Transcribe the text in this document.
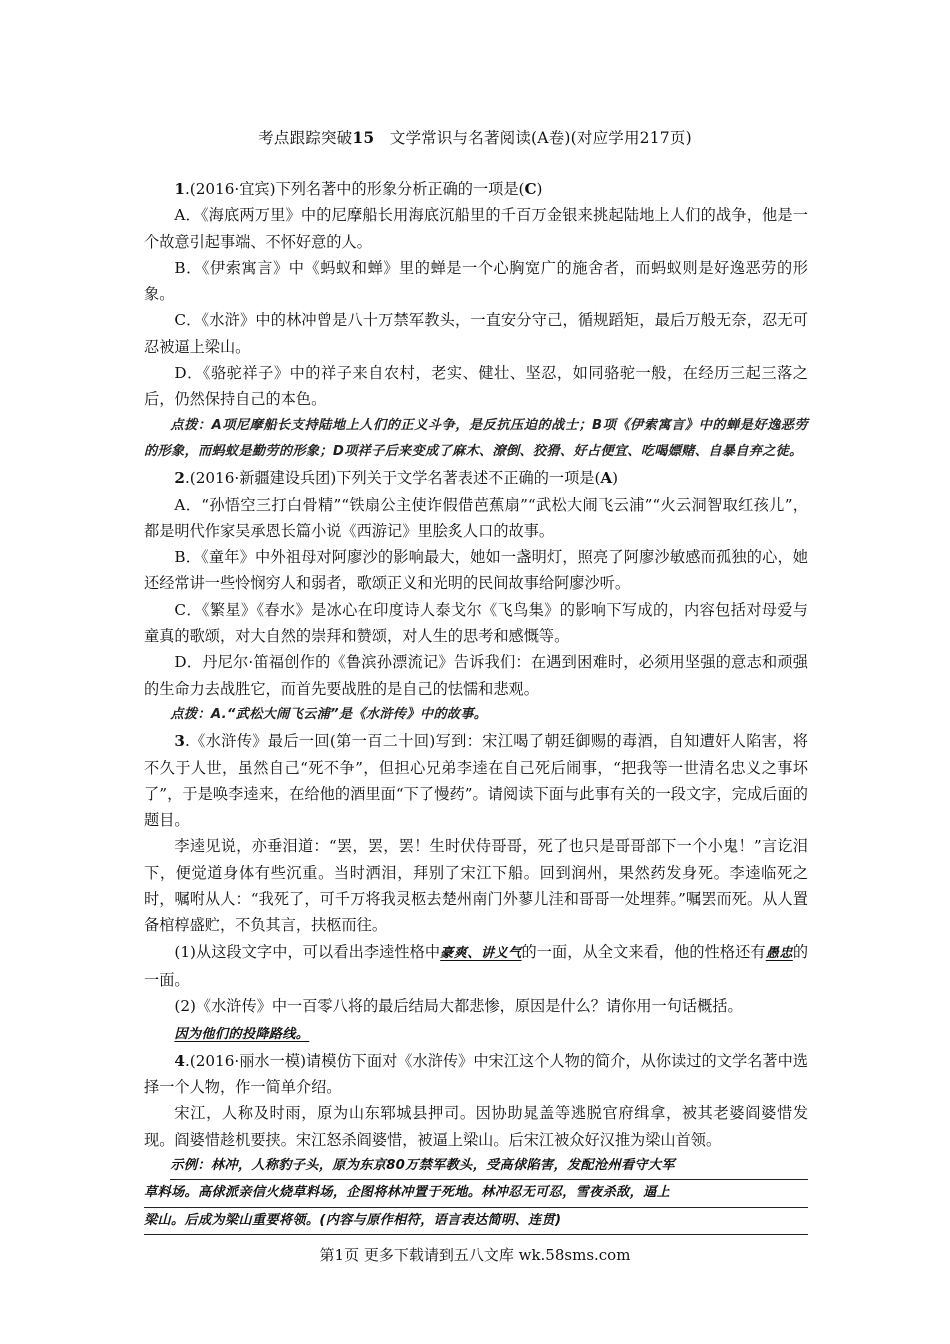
考点跟踪突破15 文学常识与名著阅读(A卷)(对应学用217页)

1.(2016·宜宾)下列名著中的形象分析正确的一项是(C)

A．《海底两万里》中的尼摩船长用海底沉船里的千百万金银来挑起陆地上人们的战争，他是一个故意引起事端、不怀好意的人。

B．《伊索寓言》中《蚂蚁和蝉》里的蝉是一个心胸宽广的施舍者，而蚂蚁则是好逸恶劳的形象。

C．《水浒》中的林冲曾是八十万禁军教头，一直安分守己，循规蹈矩，最后万般无奈，忍无可忍被逼上梁山。

D．《骆驼祥子》中的祥子来自农村，老实、健壮、坚忍，如同骆驼一般，在经历三起三落之后，仍然保持自己的本色。

点拨：A项尼摩船长支持陆地上人们的正义斗争，是反抗压迫的战士；B项《伊索寓言》中的蝉是好逸恶劳的形象，而蚂蚁是勤劳的形象；D项祥子后来变成了麻木、潦倒、狡猾、好占便宜、吃喝嫖赌、自暴自弃之徒。

2.(2016·新疆建设兵团)下列关于文学名著表述不正确的一项是(A)

A．“孙悟空三打白骨精”“铁扇公主使诈假借芭蕉扇”“武松大闹飞云浦”“火云洞智取红孩儿”，都是明代作家吴承恩长篇小说《西游记》里脍炙人口的故事。

B．《童年》中外祖母对阿廖沙的影响最大，她如一盏明灯，照亮了阿廖沙敏感而孤独的心，她还经常讲一些怜悯穷人和弱者，歌颂正义和光明的民间故事给阿廖沙听。

C．《繁星》《春水》是冰心在印度诗人泰戈尔《飞鸟集》的影响下写成的，内容包括对母爱与童真的歌颂，对大自然的崇拜和赞颂，对人生的思考和感慨等。

D．丹尼尔·笛福创作的《鲁滨孙漂流记》告诉我们：在遇到困难时，必须用坚强的意志和顽强的生命力去战胜它，而首先要战胜的是自己的怯懦和悲观。

点拨：A.“武松大闹飞云浦”是《水浒传》中的故事。

3.《水浒传》最后一回(第一百二十回)写到：宋江喝了朝廷御赐的毒酒，自知遭奸人陷害，将不久于人世，虽然自己“死不争”，但担心兄弟李逵在自己死后闹事，“把我等一世清名忠义之事坏了”，于是唤李逵来，在给他的酒里面“下了慢药”。请阅读下面与此事有关的一段文字，完成后面的题目。

李逵见说，亦垂泪道：“罢，罢，罢！生时伏侍哥哥，死了也只是哥哥部下一个小鬼！”言讫泪下，便觉道身体有些沉重。当时洒泪，拜别了宋江下船。回到润州，果然药发身死。李逵临死之时，嘱咐从人：“我死了，可千万将我灵柩去楚州南门外蓼儿洼和哥哥一处埋葬。”嘱罢而死。从人置备棺椁盛贮，不负其言，扶柩而往。

(1)从这段文字中，可以看出李逵性格中豪爽、讲义气的一面，从全文来看，他的性格还有愚忠的一面。

(2)《水浒传》中一百零八将的最后结局大都悲惨，原因是什么？请你用一句话概括。

因为他们的投降路线。

4.(2016·丽水一模)请模仿下面对《水浒传》中宋江这个人物的简介，从你读过的文学名著中选择一个人物，作一简单介绍。

宋江，人称及时雨，原为山东郓城县押司。因协助晁盖等逃脱官府缉拿，被其老婆阎婆惜发现。阎婆惜趁机要挟。宋江怒杀阎婆惜，被逼上梁山。后宋江被众好汉推为梁山首领。

示例：林冲，人称豹子头，原为东京80万禁军教头，受高俅陷害，发配沧州看守大军
草料场。高俅派亲信火烧草料场，企图将林冲置于死地。林冲忍无可忍，雪夜杀敌，逼上
梁山。后成为梁山重要将领。(内容与原作相符，语言表达简明、连贯)
第1页 更多下载请到五八文库 wk.58sms.com
